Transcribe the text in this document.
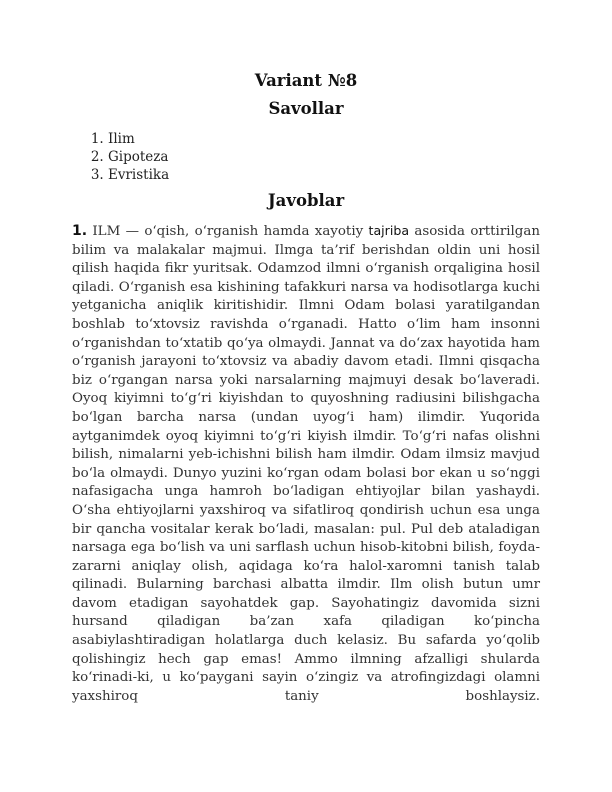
Variant №8
Savollar
1. Ilim
2. Gipoteza
3. Evristika
Javoblar

1. ILM — o‘qish, o‘rganish hamda xayotiy tajriba asosida orttirilgan bilim va malakalar majmui. Ilmga ta’rif berishdan oldin uni hosil qilish haqida fikr yuritsak. Odamzod ilmni o‘rganish orqaligina hosil qiladi. O‘rganish esa kishining tafakkuri narsa va hodisotlarga kuchi yetganicha aniqlik kiritishidir. Ilmni Odam bolasi yaratilgandan boshlab to‘xtovsiz ravishda o‘rganadi. Hatto o‘lim ham insonni o‘rganishdan to‘xtatib qo‘ya olmaydi. Jannat va do‘zax hayotida ham o‘rganish jarayoni to‘xtovsiz va abadiy davom etadi. Ilmni qisqacha biz o‘rgangan narsa yoki narsalarning majmuyi desak bo‘laveradi. Oyoq kiyimni to‘g‘ri kiyishdan to quyoshning radiusini bilishgacha bo‘lgan barcha narsa (undan uyog‘i ham) ilimdir. Yuqorida aytganimdek oyoq kiyimni to‘g‘ri kiyish ilmdir. To‘g‘ri nafas olishni bilish, nimalarni yeb-ichishni bilish ham ilmdir. Odam ilmsiz mavjud bo‘la olmaydi. Dunyo yuzini ko‘rgan odam bolasi bor ekan u so‘nggi nafasigacha unga hamroh bo‘ladigan ehtiyojlar bilan yashaydi. O‘sha ehtiyojlarni yaxshiroq va sifatliroq qondirish uchun esa unga bir qancha vositalar kerak bo‘ladi, masalan: pul. Pul deb ataladigan narsaga ega bo‘lish va uni sarflash uchun hisob-kitobni bilish, foyda-zararni aniqlay olish, aqidaga ko‘ra halol-xaromni tanish talab qilinadi. Bularning barchasi albatta ilmdir. Ilm olish butun umr davom etadigan sayohatdek gap. Sayohatingiz davomida sizni hursand qiladigan ba’zan xafa qiladigan ko‘pincha asabiylashtiradigan holatlarga duch kelasiz. Bu safarda yo‘qolib qolishingiz hech gap emas! Ammo ilmning afzalligi shularda ko‘rinadi-ki, u ko‘paygani sayin o‘zingiz va atrofingizdagi olamni yaxshiroq taniy boshlaysiz.
